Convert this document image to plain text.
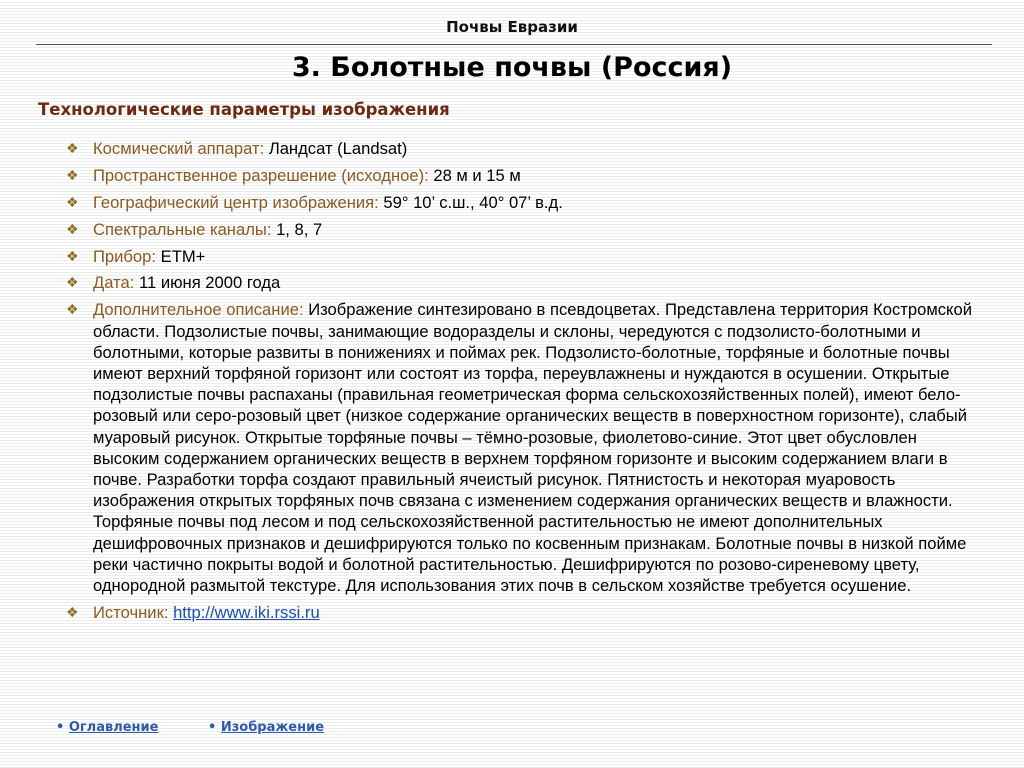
Почвы Евразии
3. Болотные почвы (Россия)
Технологические параметры изображения
❖ Космический аппарат: Ландсат (Landsat)
❖ Пространственное разрешение (исходное): 28 м и 15 м
❖ Географический центр изображения: 59° 10’ с.ш., 40° 07’ в.д.
❖ Спектральные каналы: 1, 8, 7
❖ Прибор: ETM+
❖ Дата: 11 июня 2000 года
❖ Дополнительное описание: Изображение синтезировано в псевдоцветах. Представлена территория Костромской области. Подзолистые почвы, занимающие водоразделы и склоны, чередуются с подзолисто-болотными и болотными, которые развиты в понижениях и поймах рек. Подзолисто-болотные, торфяные и болотные почвы имеют верхний торфяной горизонт или состоят из торфа, переувлажнены и нуждаются в осушении. Открытые подзолистые почвы распаханы (правильная геометрическая форма сельскохозяйственных полей), имеют бело-розовый или серо-розовый цвет (низкое содержание органических веществ в поверхностном горизонте), слабый муаровый рисунок. Открытые торфяные почвы – тёмно-розовые, фиолетово-синие. Этот цвет обусловлен высоким содержанием органических веществ в верхнем торфяном горизонте и высоким содержанием влаги в почве. Разработки торфа создают правильный ячеистый рисунок. Пятнистость и некоторая муаровость изображения открытых торфяных почв связана с изменением содержания органических веществ и влажности. Торфяные почвы под лесом и под сельскохозяйственной растительностью не имеют дополнительных дешифровочных признаков и дешифрируются только по косвенным признакам. Болотные почвы в низкой пойме реки частично покрыты водой и болотной растительностью. Дешифрируются по розово-сиреневому цвету, однородной размытой текстуре. Для использования этих почв в сельском хозяйстве требуется осушение.
❖ Источник: http://www.iki.rssi.ru
• Оглавление	• Изображение
